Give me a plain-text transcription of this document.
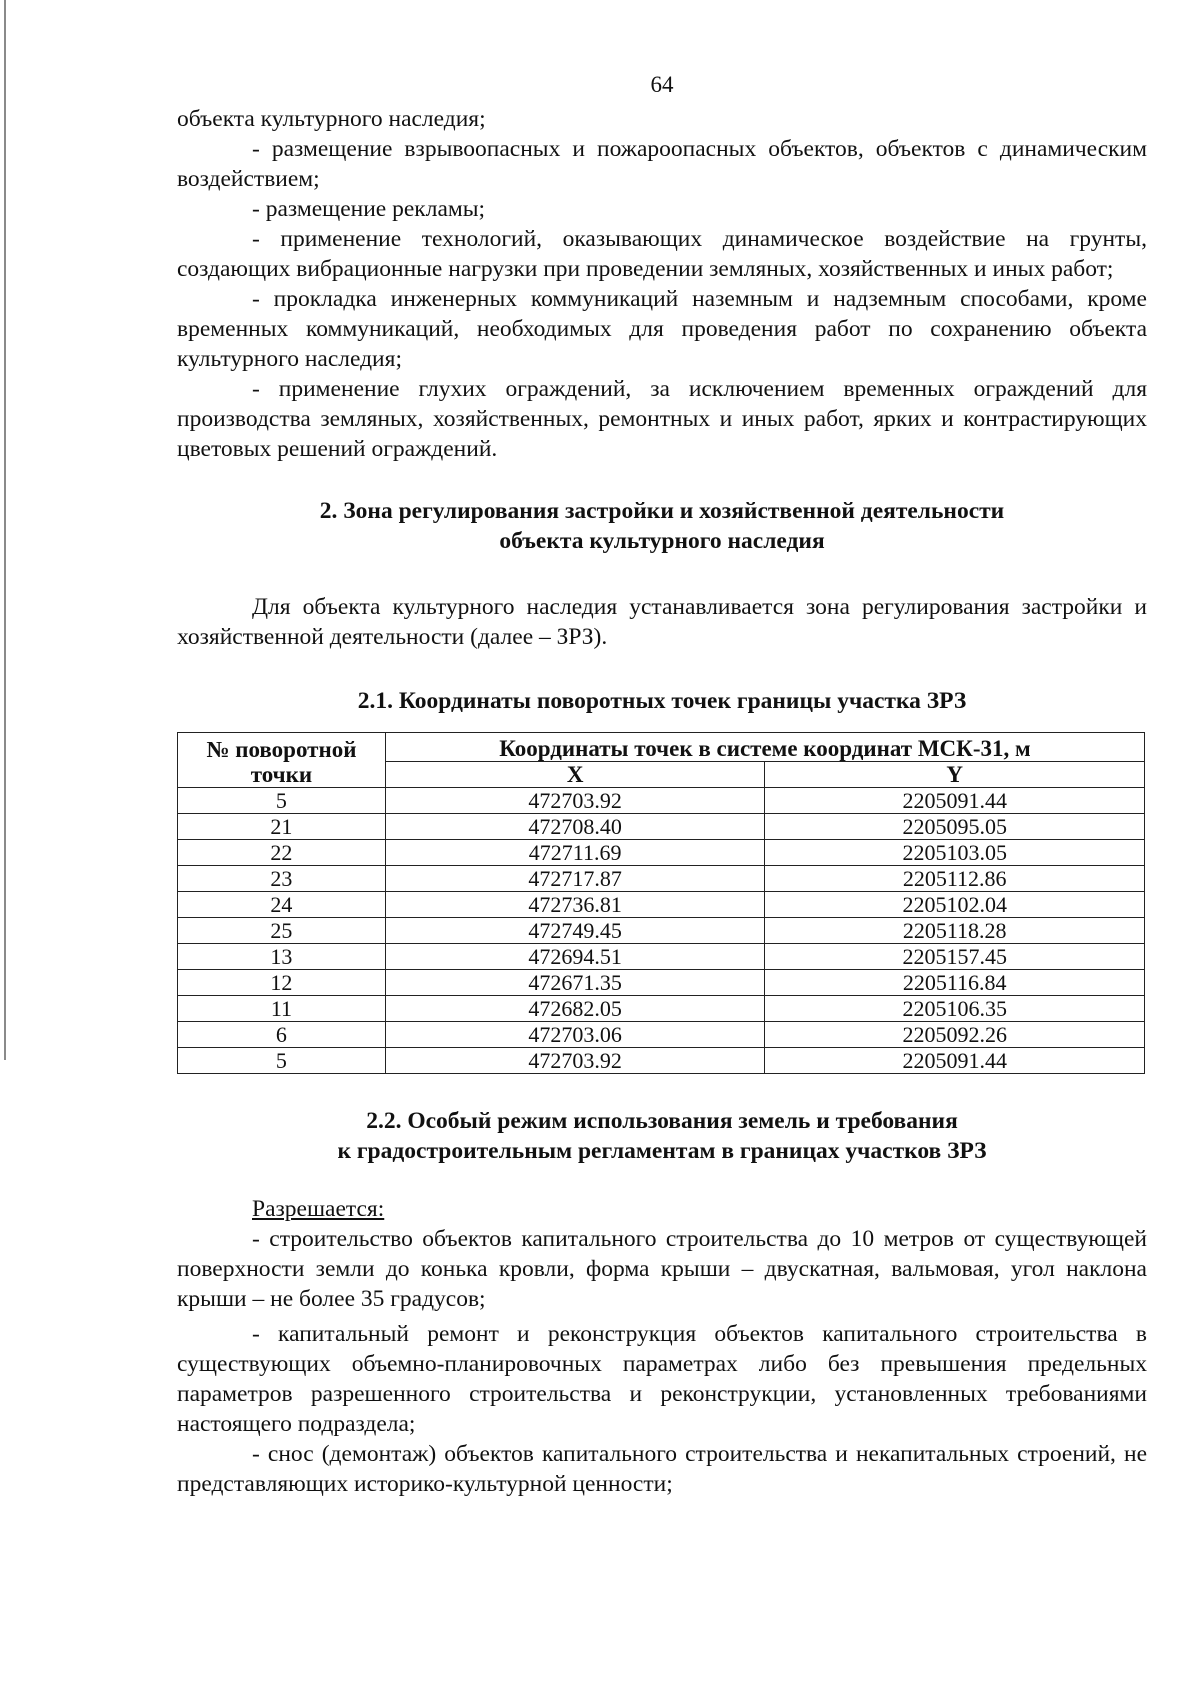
64

объекта культурного наследия;

- размещение взрывоопасных и пожароопасных объектов, объектов с динамическим воздействием;

- размещение рекламы;

- применение технологий, оказывающих динамическое воздействие на грунты, создающих вибрационные нагрузки при проведении земляных, хозяйственных и иных работ;

- прокладка инженерных коммуникаций наземным и надземным способами, кроме временных коммуникаций, необходимых для проведения работ по сохранению объекта культурного наследия;

- применение глухих ограждений, за исключением временных ограждений для производства земляных, хозяйственных, ремонтных и иных работ, ярких и контрастирующих цветовых решений ограждений.

2. Зона регулирования застройки и хозяйственной деятельности
объекта культурного наследия

Для объекта культурного наследия устанавливается зона регулирования застройки и хозяйственной деятельности (далее – ЗРЗ).

2.1. Координаты поворотных точек границы участка ЗРЗ
№ поворотной
точки	Координаты точек в системе координат МСК-31, м	
	X	Y
5	472703.92	2205091.44
21	472708.40	2205095.05
22	472711.69	2205103.05
23	472717.87	2205112.86
24	472736.81	2205102.04
25	472749.45	2205118.28
13	472694.51	2205157.45
12	472671.35	2205116.84
11	472682.05	2205106.35
6	472703.06	2205092.26
5	472703.92	2205091.44
2.2. Особый режим использования земель и требования
к градостроительным регламентам в границах участков ЗРЗ

Разрешается:

- строительство объектов капитального строительства до 10 метров от существующей поверхности земли до конька кровли, форма крыши – двускатная, вальмовая, угол наклона крыши – не более 35 градусов;

- капитальный ремонт и реконструкция объектов капитального строительства в существующих объемно-планировочных параметрах либо без превышения предельных параметров разрешенного строительства и реконструкции, установленных требованиями настоящего подраздела;

- снос (демонтаж) объектов капитального строительства и некапитальных строений, не представляющих историко-культурной ценности;
